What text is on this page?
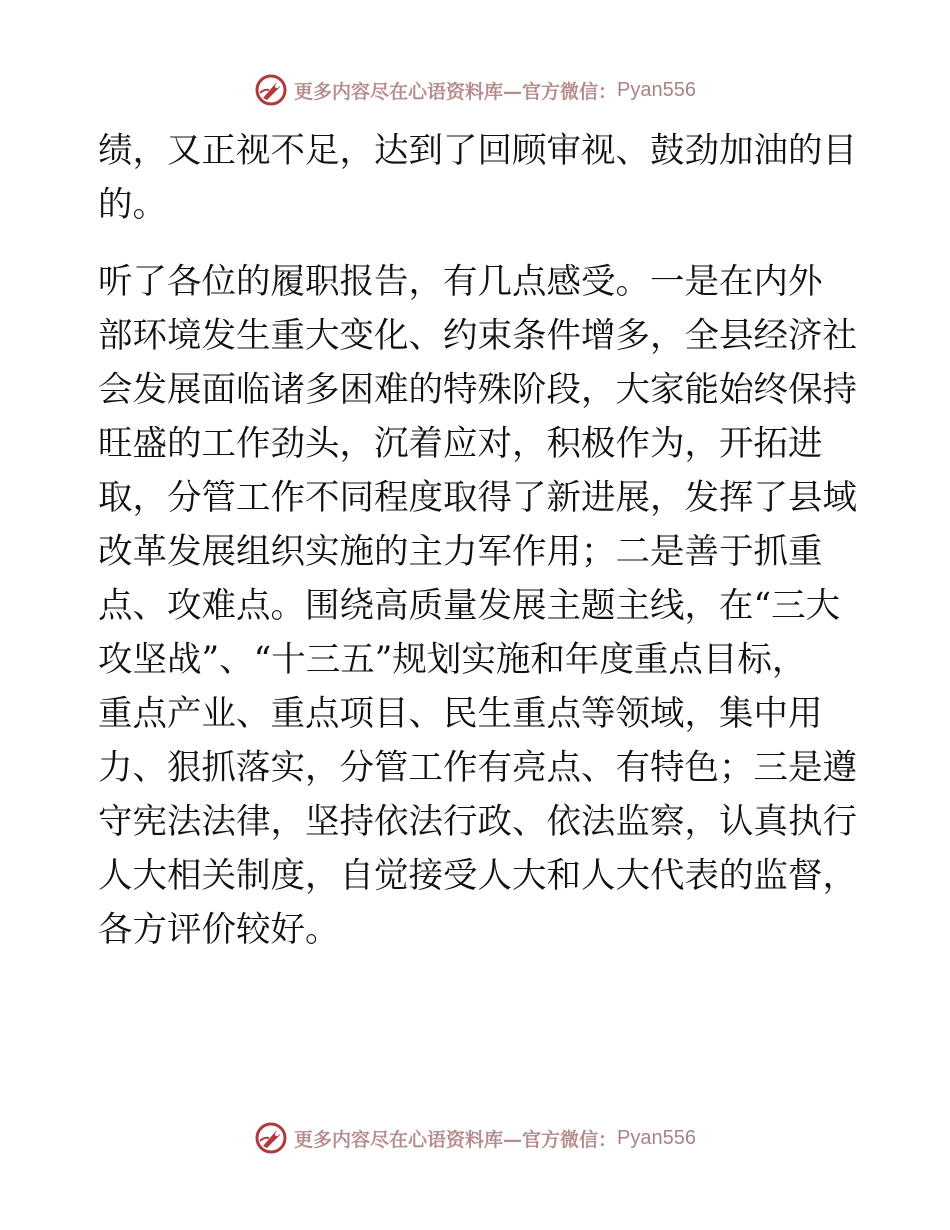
更多内容尽在心语资料库—官方微信： Pyan556
绩，又正视不足，达到了回顾审视、鼓劲加油的目
的。
听了各位的履职报告，有几点感受。一是在内外
部环境发生重大变化、约束条件增多，全县经济社
会发展面临诸多困难的特殊阶段，大家能始终保持
旺盛的工作劲头，沉着应对，积极作为，开拓进
取，分管工作不同程度取得了新进展，发挥了县域
改革发展组织实施的主力军作用；二是善于抓重
点、攻难点。围绕高质量发展主题主线，在“三大
攻坚战”、“十三五”规划实施和年度重点目标，
重点产业、重点项目、民生重点等领域，集中用
力、狠抓落实，分管工作有亮点、有特色；三是遵
守宪法法律，坚持依法行政、依法监察，认真执行
人大相关制度，自觉接受人大和人大代表的监督，
各方评价较好。
更多内容尽在心语资料库—官方微信： Pyan556
